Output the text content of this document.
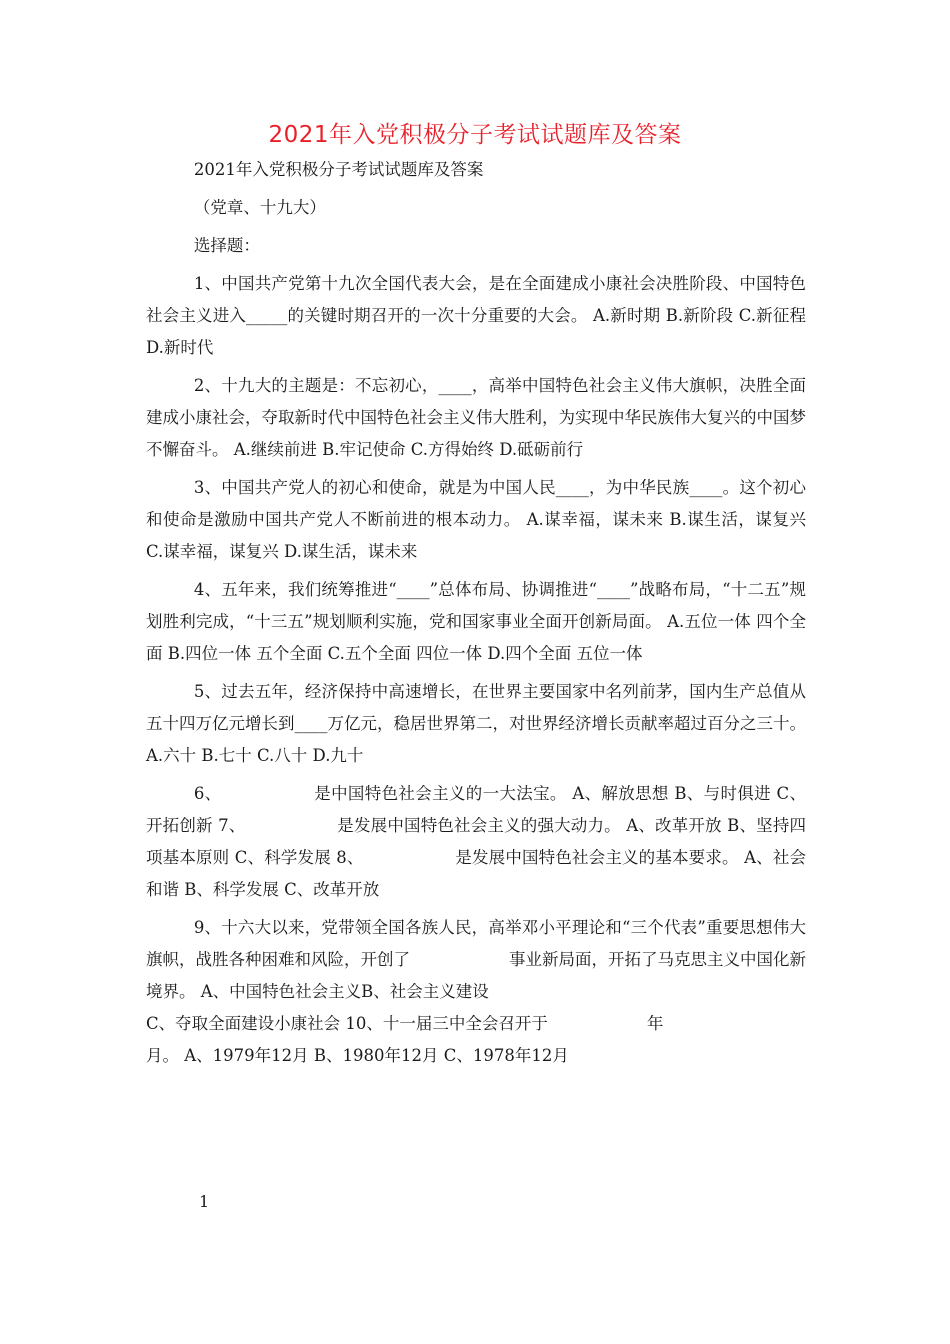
2021年入党积极分子考试试题库及答案

2021年入党积极分子考试试题库及答案

（党章、十九大）

选择题：

1、中国共产党第十九次全国代表大会，是在全面建成小康社会决胜阶段、中国特色社会主义进入_____的关键时期召开的一次十分重要的大会。 A.新时期 B.新阶段 C.新征程 D.新时代

2、十九大的主题是：不忘初心，____，高举中国特色社会主义伟大旗帜，决胜全面建成小康社会，夺取新时代中国特色社会主义伟大胜利，为实现中华民族伟大复兴的中国梦不懈奋斗。 A.继续前进 B.牢记使命 C.方得始终 D.砥砺前行

3、中国共产党人的初心和使命，就是为中国人民____，为中华民族____。这个初心和使命是激励中国共产党人不断前进的根本动力。 A.谋幸福，谋未来 B.谋生活，谋复兴 C.谋幸福，谋复兴 D.谋生活，谋未来

4、五年来，我们统筹推进“____”总体布局、协调推进“____”战略布局，“十二五”规划胜利完成，“十三五”规划顺利实施，党和国家事业全面开创新局面。 A.五位一体 四个全面 B.四位一体 五个全面 C.五个全面 四位一体 D.四个全面 五位一体

5、过去五年，经济保持中高速增长，在世界主要国家中名列前茅，国内生产总值从五十四万亿元增长到____万亿元，稳居世界第二，对世界经济增长贡献率超过百分之三十。 A.六十 B.七十 C.八十 D.九十

6、　　　　　　是中国特色社会主义的一大法宝。 A、解放思想 B、与时俱进 C、开拓创新 7、　　　　　　是发展中国特色社会主义的强大动力。 A、改革开放 B、坚持四项基本原则 C、科学发展 8、　　　　　　是发展中国特色社会主义的基本要求。 A、社会和谐 B、科学发展 C、改革开放

9、十六大以来，党带领全国各族人民，高举邓小平理论和“三个代表”重要思想伟大旗帜，战胜各种困难和风险，开创了　　　　　　事业新局面，开拓了马克思主义中国化新境界。 A、中国特色社会主义B、社会主义建设

C、夺取全面建设小康社会 10、十一届三中全会召开于　　　　　　年

月。 A、1979年12月 B、1980年12月 C、1978年12月

1
